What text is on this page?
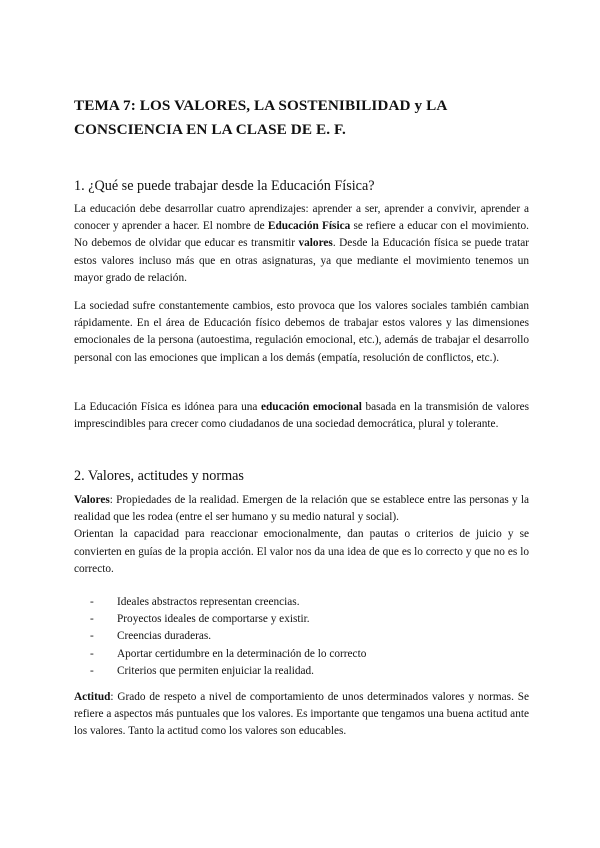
TEMA 7: LOS VALORES, LA SOSTENIBILIDAD y LA
CONSCIENCIA EN LA CLASE DE E. F.
1. ¿Qué se puede trabajar desde la Educación Física?

La educación debe desarrollar cuatro aprendizajes: aprender a ser, aprender a convivir, aprender a conocer y aprender a hacer. El nombre de Educación Física se refiere a educar con el movimiento. No debemos de olvidar que educar es transmitir valores. Desde la Educación física se puede tratar estos valores incluso más que en otras asignaturas, ya que mediante el movimiento tenemos un mayor grado de relación.

La sociedad sufre constantemente cambios, esto provoca que los valores sociales también cambian rápidamente. En el área de Educación físico debemos de trabajar estos valores y las dimensiones emocionales de la persona (autoestima, regulación emocional, etc.), además de trabajar el desarrollo personal con las emociones que implican a los demás (empatía, resolución de conflictos, etc.).

La Educación Física es idónea para una educación emocional basada en la transmisión de valores imprescindibles para crecer como ciudadanos de una sociedad democrática, plural y tolerante.

2. Valores, actitudes y normas

Valores: Propiedades de la realidad. Emergen de la relación que se establece entre las personas y la realidad que les rodea (entre el ser humano y su medio natural y social).
Orientan la capacidad para reaccionar emocionalmente, dan pautas o criterios de juicio y se convierten en guías de la propia acción. El valor nos da una idea de que es lo correcto y que no es lo correcto.

- Ideales abstractos representan creencias.
- Proyectos ideales de comportarse y existir.
- Creencias duraderas.
- Aportar certidumbre en la determinación de lo correcto
- Criterios que permiten enjuiciar la realidad.

Actitud: Grado de respeto a nivel de comportamiento de unos determinados valores y normas. Se refiere a aspectos más puntuales que los valores. Es importante que tengamos una buena actitud ante los valores. Tanto la actitud como los valores son educables.
